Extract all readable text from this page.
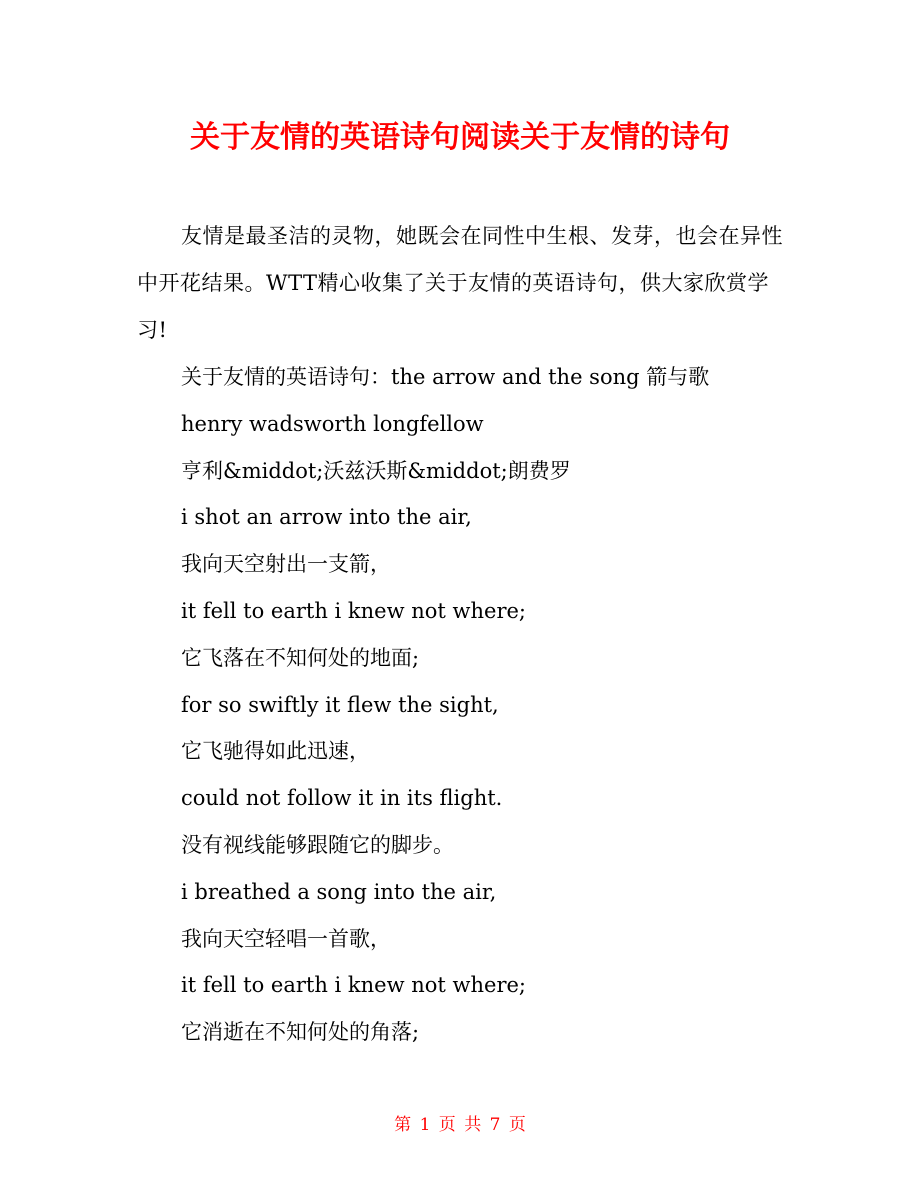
关于友情的英语诗句阅读关于友情的诗句

友情是最圣洁的灵物，她既会在同性中生根、发芽，也会在异性中开花结果。WTT精心收集了关于友情的英语诗句，供大家欣赏学习!

关于友情的英语诗句：the arrow and the song 箭与歌
henry wadsworth longfellow
亨利&middot;沃兹沃斯&middot;朗费罗
i shot an arrow into the air,
我向天空射出一支箭，
it fell to earth i knew not where;
它飞落在不知何处的地面;
for so swiftly it flew the sight,
它飞驰得如此迅速，
could not follow it in its flight.
没有视线能够跟随它的脚步。
i breathed a song into the air,
我向天空轻唱一首歌，
it fell to earth i knew not where;
它消逝在不知何处的角落;
第 1 页 共 7 页
